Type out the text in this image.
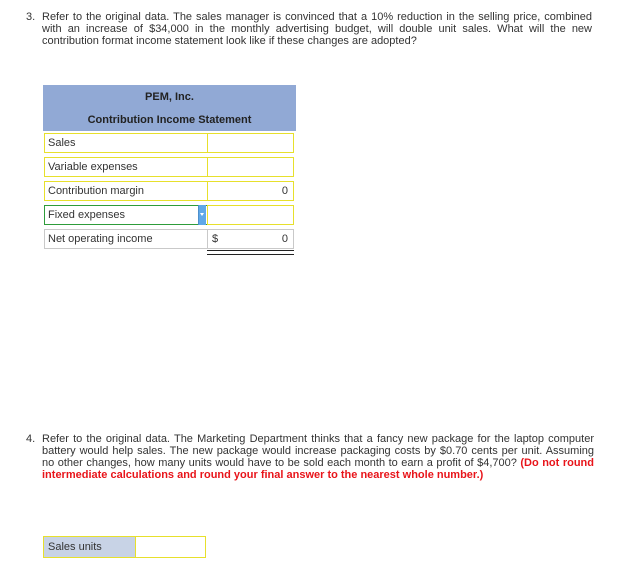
3. Refer to the original data. The sales manager is convinced that a 10% reduction in the selling price, combined with an increase of $34,000 in the monthly advertising budget, will double unit sales. What will the new contribution format income statement look like if these changes are adopted?
PEM, Inc.
Contribution Income Statement
Sales
Variable expenses
Contribution margin	0
Fixed expenses
Net operating income	$	0
4. Refer to the original data. The Marketing Department thinks that a fancy new package for the laptop computer battery would help sales. The new package would increase packaging costs by $0.70 cents per unit. Assuming no other changes, how many units would have to be sold each month to earn a profit of $4,700? (Do not round intermediate calculations and round your final answer to the nearest whole number.)
Sales units
